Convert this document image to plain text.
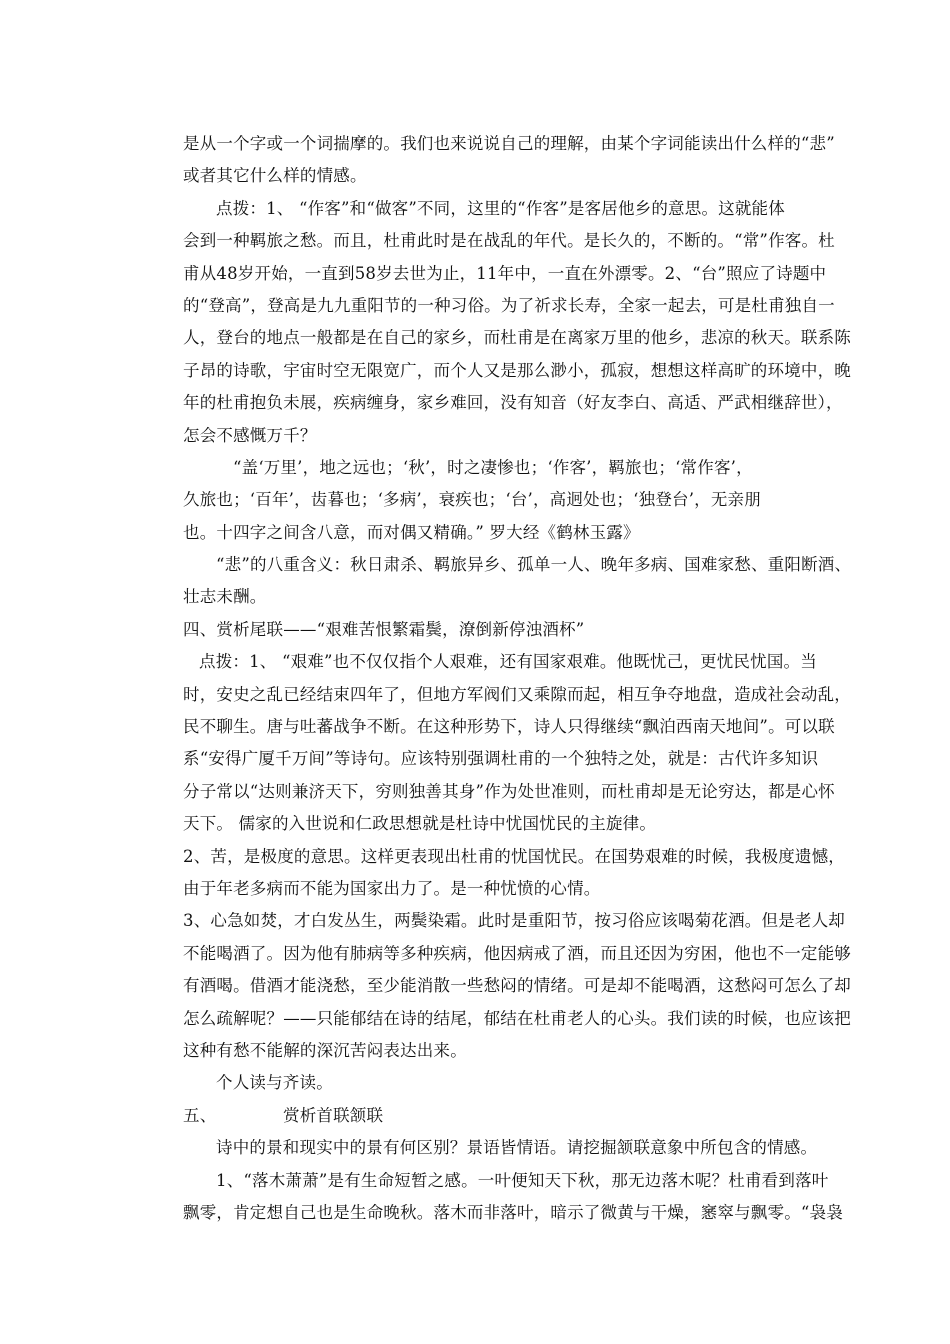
是从一个字或一个词揣摩的。我们也来说说自己的理解，由某个字词能读出什么样的“悲”
或者其它什么样的情感。
点拨：1、 “作客”和“做客”不同，这里的“作客”是客居他乡的意思。这就能体
会到一种羁旅之愁。而且，杜甫此时是在战乱的年代。是长久的，不断的。“常”作客。杜
甫从48岁开始，一直到58岁去世为止，11年中，一直在外漂零。2、“台”照应了诗题中
的“登高”，登高是九九重阳节的一种习俗。为了祈求长寿，全家一起去，可是杜甫独自一
人，登台的地点一般都是在自己的家乡，而杜甫是在离家万里的他乡，悲凉的秋天。联系陈
子昂的诗歌，宇宙时空无限宽广，而个人又是那么渺小，孤寂，想想这样高旷的环境中，晚
年的杜甫抱负未展，疾病缠身，家乡难回，没有知音（好友李白、高适、严武相继辞世），
怎会不感慨万千？
“盖‘万里’，地之远也；‘秋’，时之凄惨也；‘作客’，羁旅也；‘常作客’，
久旅也；‘百年’，齿暮也；‘多病’，衰疾也；‘台’，高迥处也；‘独登台’，无亲朋
也。十四字之间含八意，而对偶又精确。” 罗大经《鹤林玉露》
“悲”的八重含义：秋日肃杀、羁旅异乡、孤单一人、晚年多病、国难家愁、重阳断酒、
壮志未酬。
四、赏析尾联——“艰难苦恨繁霜鬓，潦倒新停浊酒杯”
点拨：1、 “艰难”也不仅仅指个人艰难，还有国家艰难。他既忧己，更忧民忧国。当
时，安史之乱已经结束四年了，但地方军阀们又乘隙而起，相互争夺地盘，造成社会动乱，
民不聊生。唐与吐蕃战争不断。在这种形势下，诗人只得继续“飘泊西南天地间”。可以联
系“安得广厦千万间”等诗句。应该特别强调杜甫的一个独特之处，就是：古代许多知识
分子常以“达则兼济天下，穷则独善其身”作为处世准则，而杜甫却是无论穷达，都是心怀
天下。 儒家的入世说和仁政思想就是杜诗中忧国忧民的主旋律。
2、苦，是极度的意思。这样更表现出杜甫的忧国忧民。在国势艰难的时候，我极度遗憾，
由于年老多病而不能为国家出力了。是一种忧愤的心情。
3、心急如焚，才白发丛生，两鬓染霜。此时是重阳节，按习俗应该喝菊花酒。但是老人却
不能喝酒了。因为他有肺病等多种疾病，他因病戒了酒，而且还因为穷困，他也不一定能够
有酒喝。借酒才能浇愁，至少能消散一些愁闷的情绪。可是却不能喝酒，这愁闷可怎么了却
怎么疏解呢？——只能郁结在诗的结尾，郁结在杜甫老人的心头。我们读的时候，也应该把
这种有愁不能解的深沉苦闷表达出来。
个人读与齐读。
五、	赏析首联颔联
诗中的景和现实中的景有何区别？景语皆情语。请挖掘颔联意象中所包含的情感。
1、“落木萧萧”是有生命短暂之感。一叶便知天下秋，那无边落木呢？杜甫看到落叶
飘零，肯定想自己也是生命晚秋。落木而非落叶，暗示了微黄与干燥，窸窣与飘零。“袅袅
